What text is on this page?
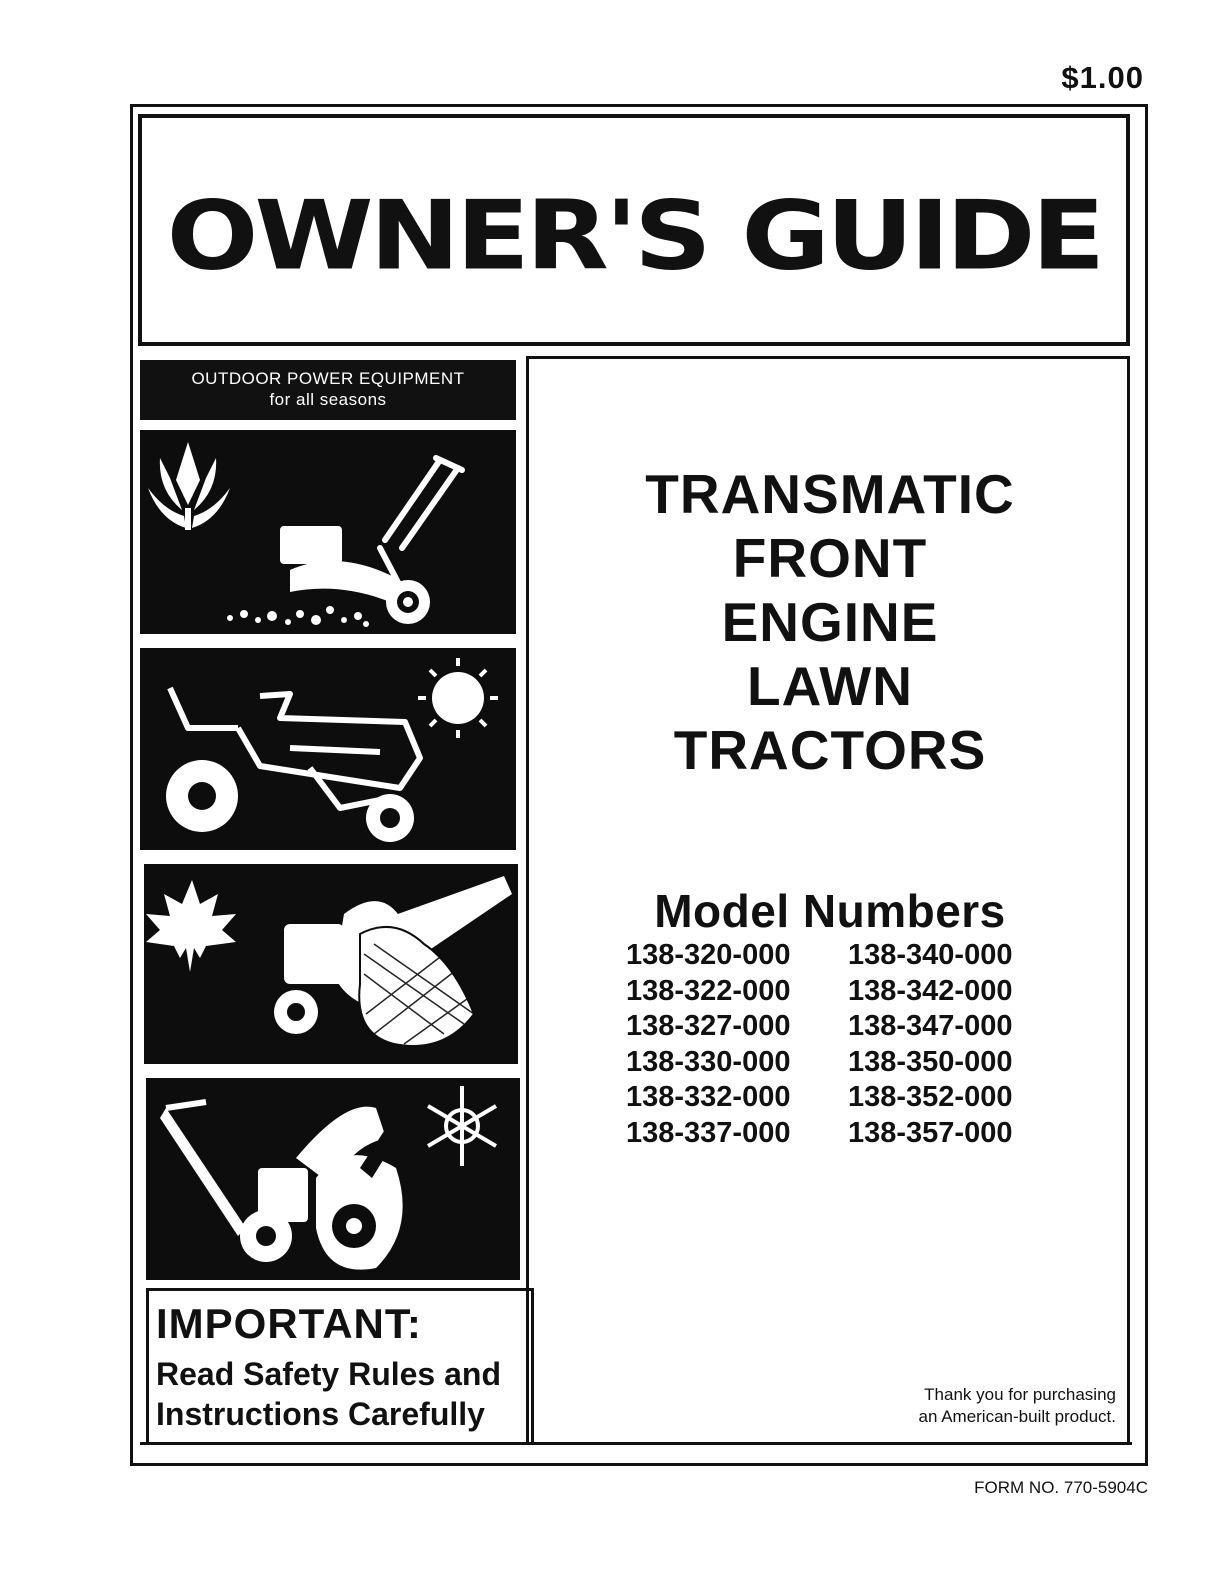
$1.00
OWNER'S GUIDE
OUTDOOR POWER EQUIPMENT
for all seasons
TRANSMATIC
FRONT
ENGINE
LAWN
TRACTORS
Model Numbers
138-320-000	138-340-000
138-322-000	138-342-000
138-327-000	138-347-000
138-330-000	138-350-000
138-332-000	138-352-000
138-337-000	138-357-000
IMPORTANT:
Read Safety Rules and
Instructions Carefully
Thank you for purchasing
an American-built product.
FORM NO. 770-5904C
